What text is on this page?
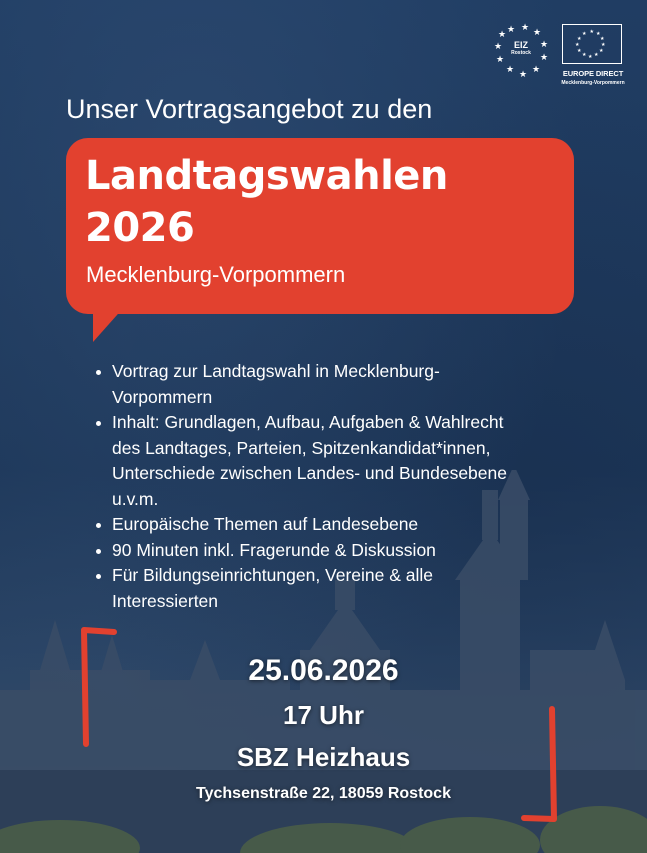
★ ★ ★
★
★
★
★
★
★
★
★
EIZ
Rostock
★ ★
★
★
★
★
★
★
★
★
★
★
EUROPE DIRECT
Mecklenburg-Vorpommern
Unser Vortragsangebot zu den
Landtagswahlen
2026
Mecklenburg-Vorpommern
Vortrag zur Landtagswahl in Mecklenburg-Vorpommern
Inhalt: Grundlagen, Aufbau, Aufgaben & Wahlrecht des Landtages, Parteien, Spitzenkandidat*innen, Unterschiede zwischen Landes- und Bundesebene u.v.m.
Europäische Themen auf Landesebene
90 Minuten inkl. Fragerunde & Diskussion
Für Bildungseinrichtungen, Vereine & alle Interessierten
25.06.2026
17 Uhr
SBZ Heizhaus
Tychsenstraße 22, 18059 Rostock
